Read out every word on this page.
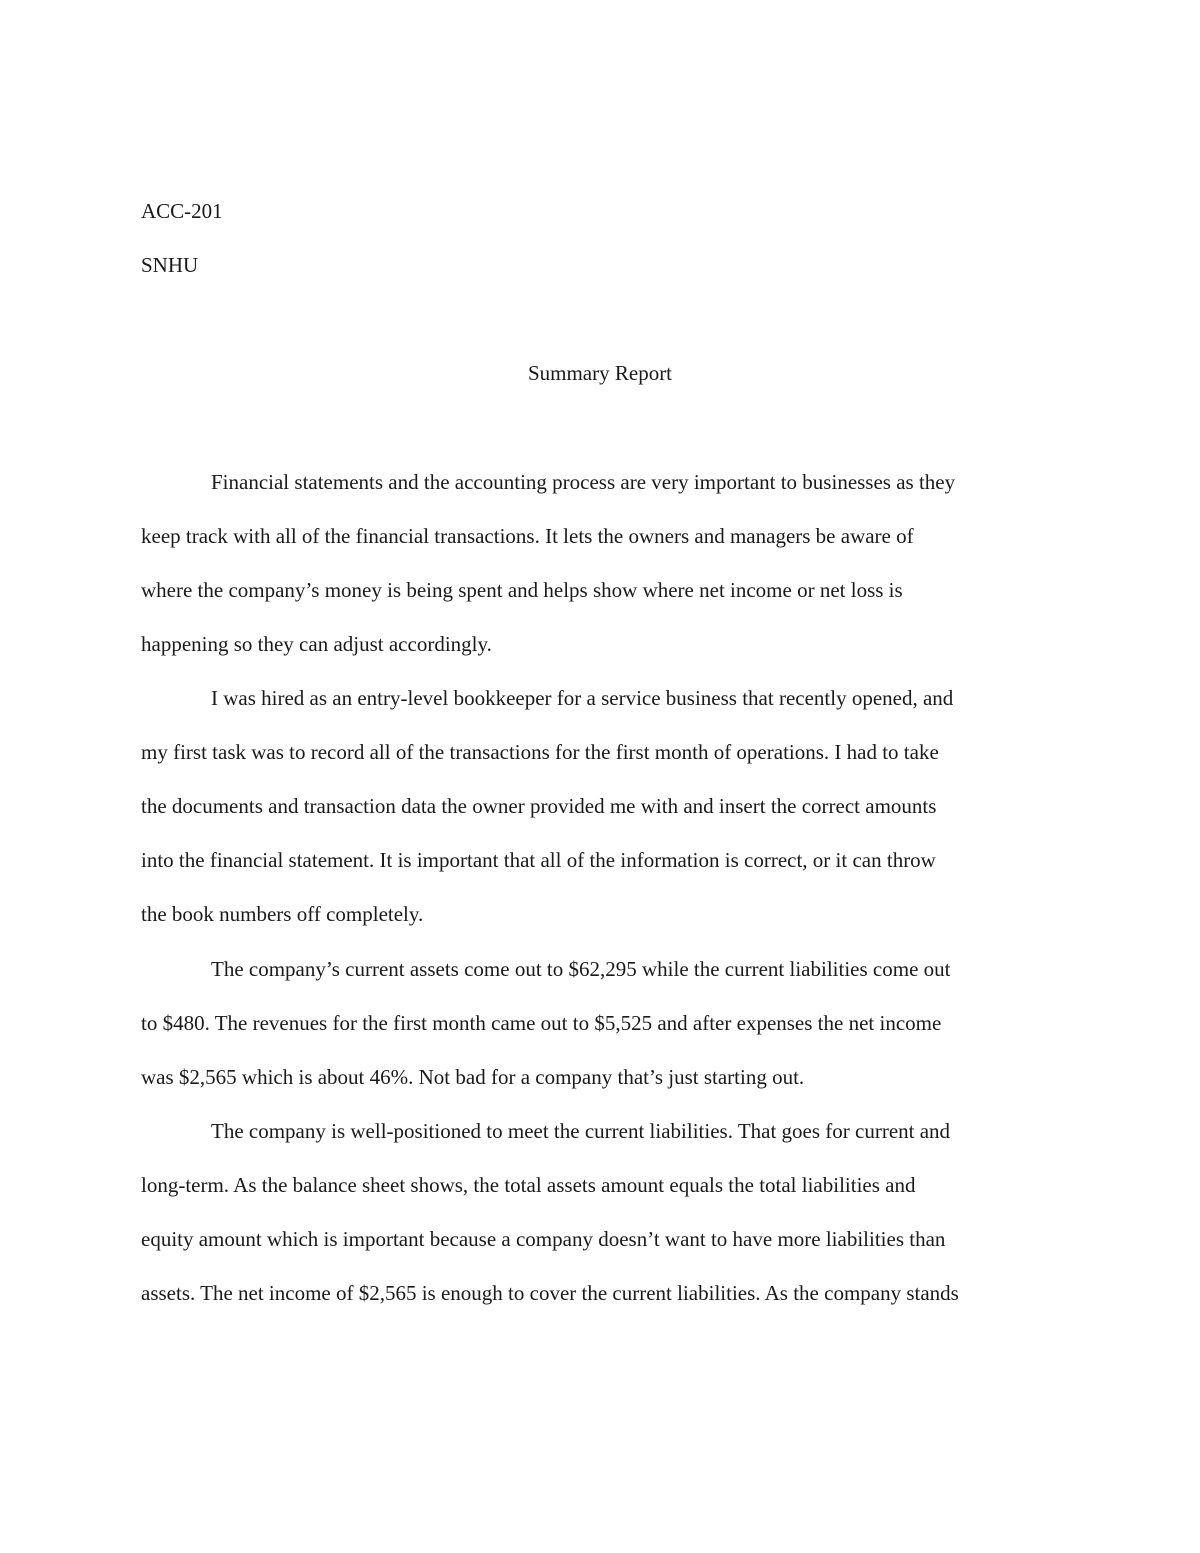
ACC-201
SNHU
Summary Report
Financial statements and the accounting process are very important to businesses as they
keep track with all of the financial transactions. It lets the owners and managers be aware of
where the company’s money is being spent and helps show where net income or net loss is
happening so they can adjust accordingly.
I was hired as an entry-level bookkeeper for a service business that recently opened, and
my first task was to record all of the transactions for the first month of operations. I had to take
the documents and transaction data the owner provided me with and insert the correct amounts
into the financial statement. It is important that all of the information is correct, or it can throw
the book numbers off completely.
The company’s current assets come out to $62,295 while the current liabilities come out
to $480. The revenues for the first month came out to $5,525 and after expenses the net income
was $2,565 which is about 46%. Not bad for a company that’s just starting out.
The company is well-positioned to meet the current liabilities. That goes for current and
long-term. As the balance sheet shows, the total assets amount equals the total liabilities and
equity amount which is important because a company doesn’t want to have more liabilities than
assets. The net income of $2,565 is enough to cover the current liabilities. As the company stands
